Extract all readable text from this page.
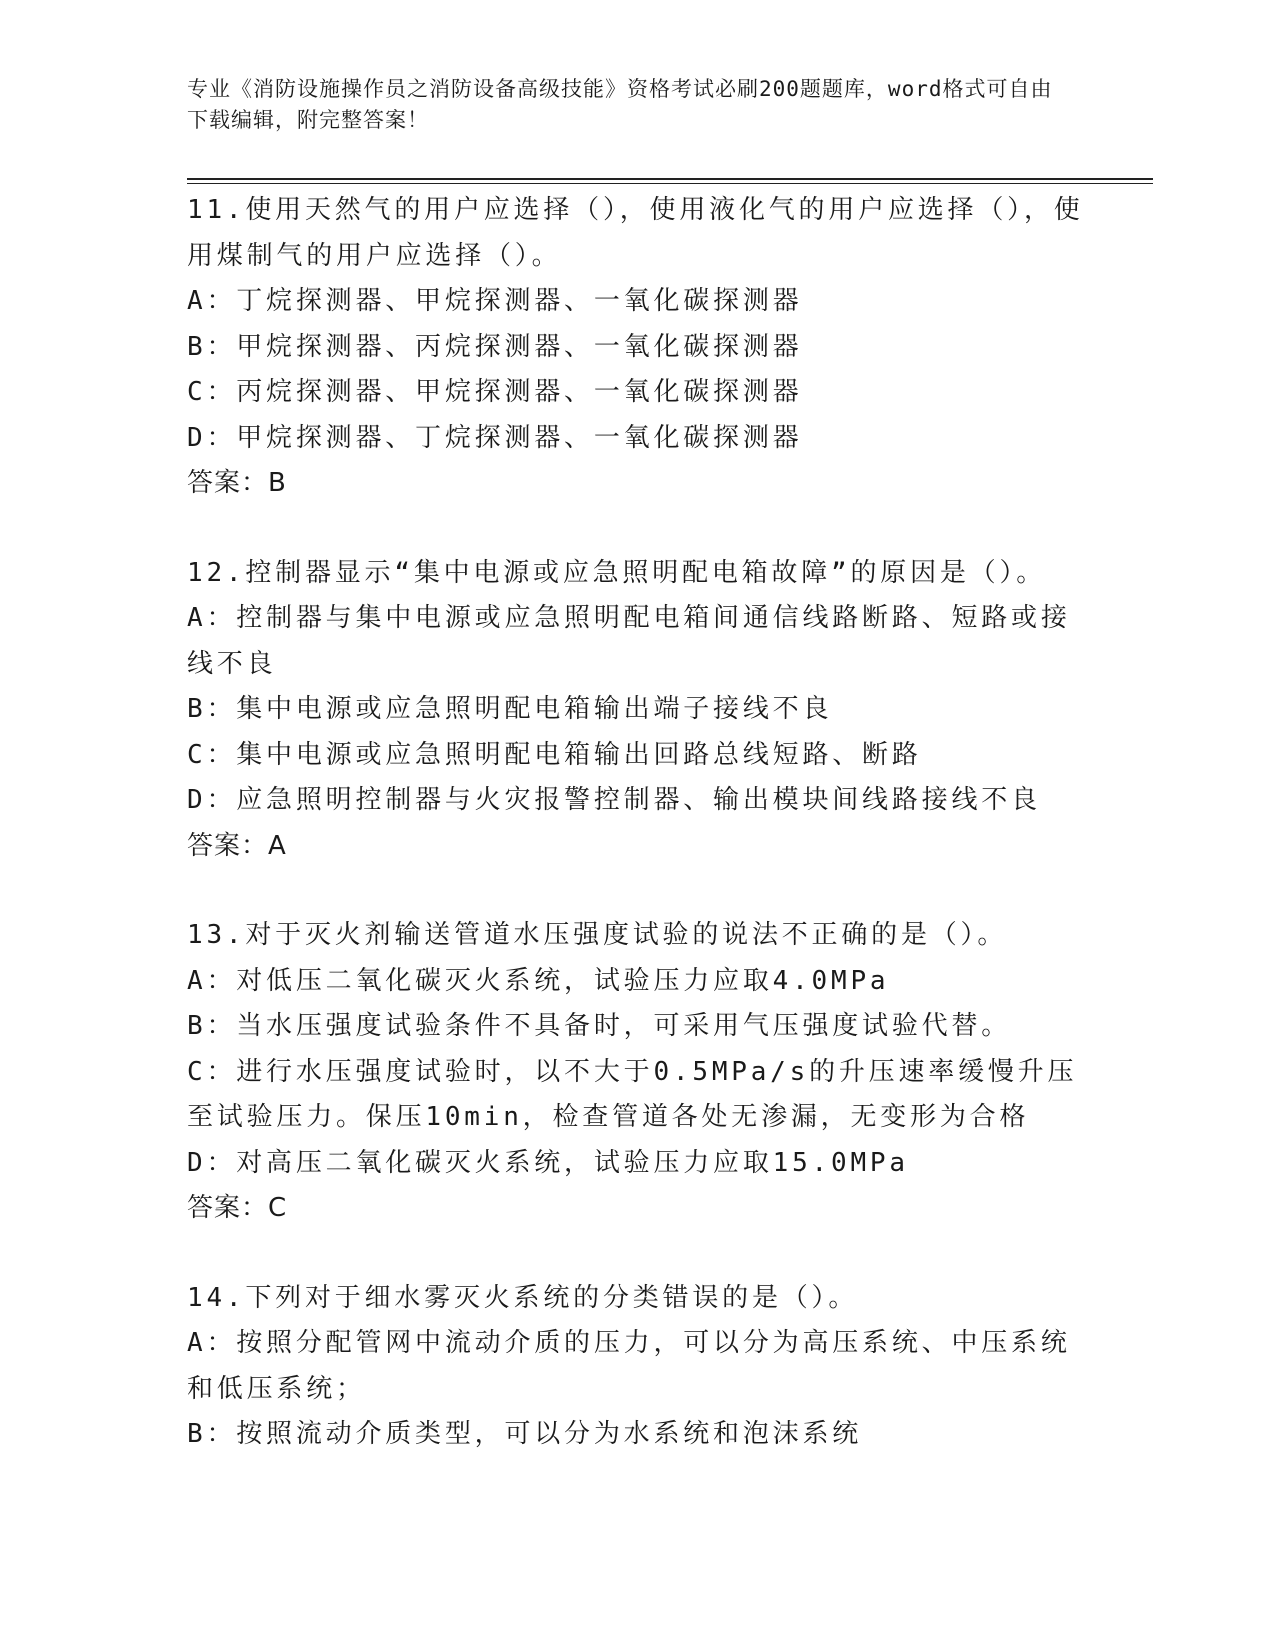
专业《消防设施操作员之消防设备高级技能》资格考试必刷200题题库，word格式可自由下载编辑，附完整答案！

11.使用天然气的用户应选择（），使用液化气的用户应选择（），使用煤制气的用户应选择（）。

A：丁烷探测器、甲烷探测器、一氧化碳探测器

B：甲烷探测器、丙烷探测器、一氧化碳探测器

C：丙烷探测器、甲烷探测器、一氧化碳探测器

D：甲烷探测器、丁烷探测器、一氧化碳探测器

答案：B

12.控制器显示“集中电源或应急照明配电箱故障”的原因是（）。

A：控制器与集中电源或应急照明配电箱间通信线路断路、短路或接线不良

B：集中电源或应急照明配电箱输出端子接线不良

C：集中电源或应急照明配电箱输出回路总线短路、断路

D：应急照明控制器与火灾报警控制器、输出模块间线路接线不良

答案：A

13.对于灭火剂输送管道水压强度试验的说法不正确的是（）。

A：对低压二氧化碳灭火系统，试验压力应取4.0MPa

B：当水压强度试验条件不具备时，可采用气压强度试验代替。

C：进行水压强度试验时，以不大于0.5MPa/s的升压速率缓慢升压至试验压力。保压10min，检查管道各处无渗漏，无变形为合格

D：对高压二氧化碳灭火系统，试验压力应取15.0MPa

答案：C

14.下列对于细水雾灭火系统的分类错误的是（）。

A：按照分配管网中流动介质的压力，可以分为高压系统、中压系统和低压系统；

B：按照流动介质类型，可以分为水系统和泡沫系统
